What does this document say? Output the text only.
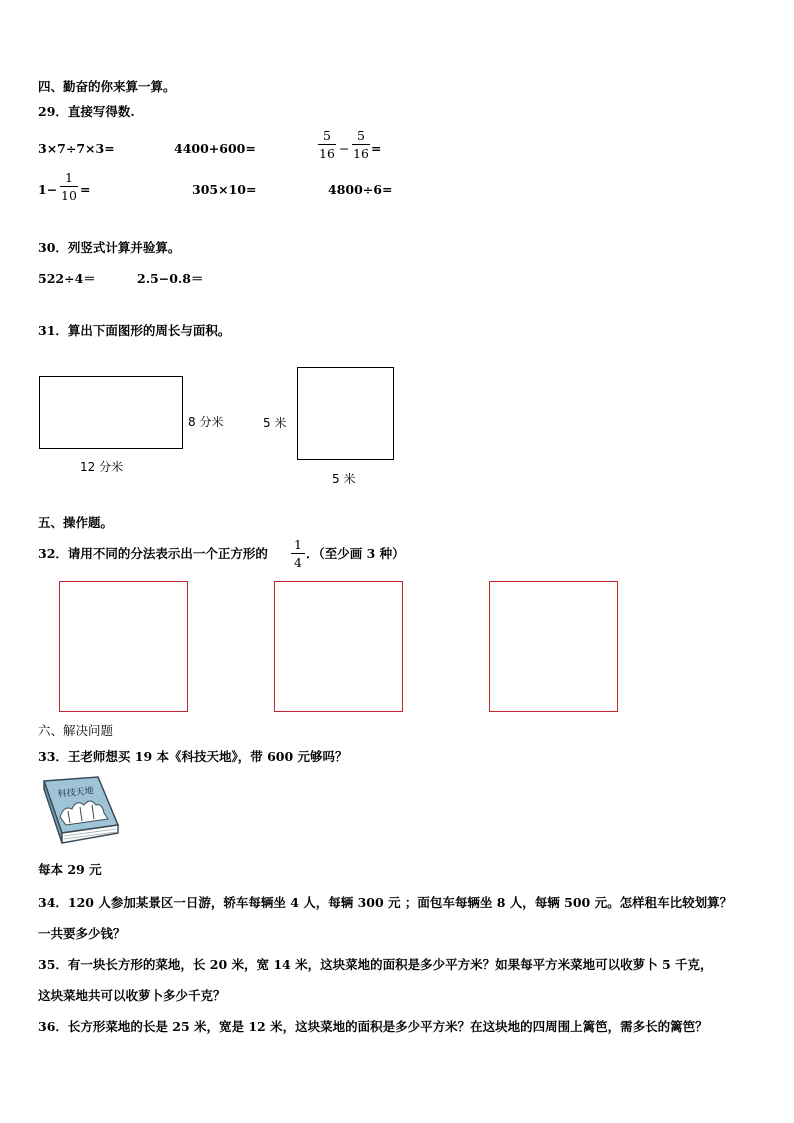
四、勤奋的你来算一算。
29．直接写得数.
3×7÷7×3=	4400+600=
5
16 −
5
16 =
1−
1
10 =	305×10=	4800÷6=
30．列竖式计算并验算。
522÷4＝	2.5−0.8＝
31．算出下面图形的周长与面积。
8 分米
12 分米
5 米
5 米
五、操作题。
32．请用不同的分法表示出一个正方形的
1
4
．（至少画 3 种）
六、解决问题
33．王老师想买 19 本《科技天地》，带 600 元够吗？
科技天地
每本 29 元
34．120 人参加某景区一日游，轿车每辆坐 4 人，每辆 300 元 ；面包车每辆坐 8 人，每辆 500 元。怎样租车比较划算？
一共要多少钱？
35．有一块长方形的菜地，长 20 米，宽 14 米，这块菜地的面积是多少平方米？如果每平方米菜地可以收萝卜 5 千克，
这块菜地共可以收萝卜多少千克？
36．长方形菜地的长是 25 米，宽是 12 米，这块菜地的面积是多少平方米？在这块地的四周围上篱笆，需多长的篱笆？
